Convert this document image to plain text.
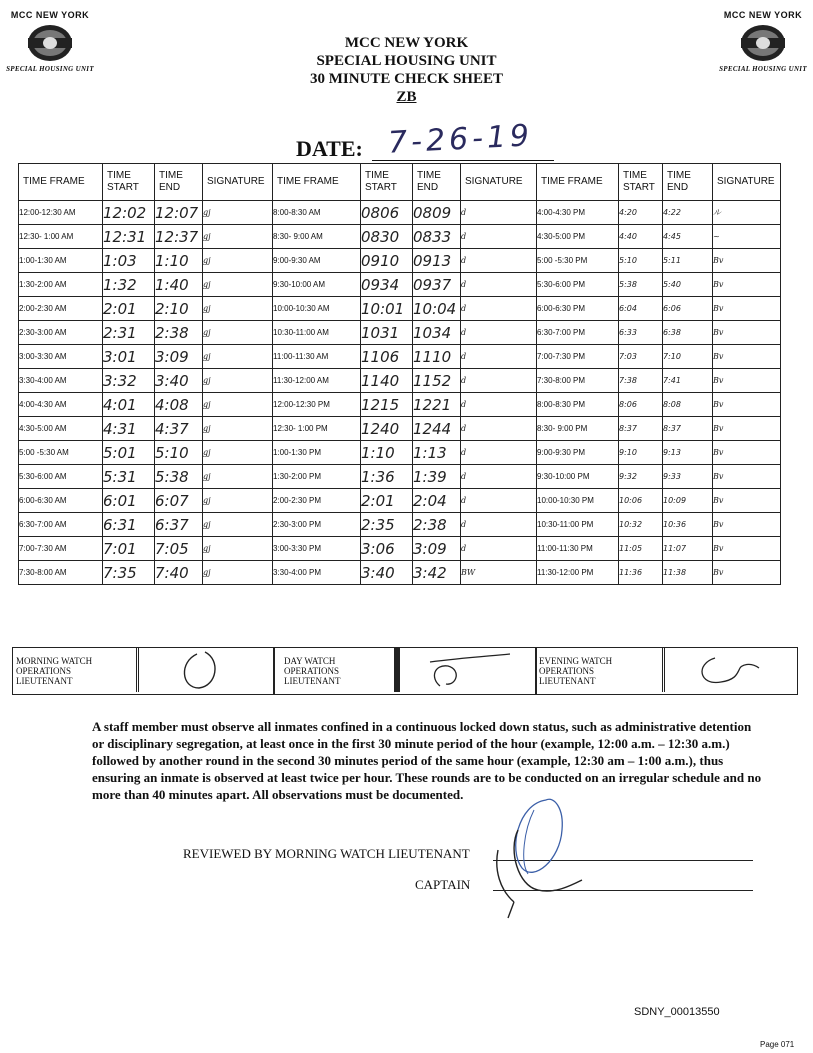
MCC NEW YORK
SPECIAL HOUSING UNIT
MCC NEW YORK
SPECIAL HOUSING UNIT
MCC NEW YORK
SPECIAL HOUSING UNIT
30 MINUTE CHECK SHEET
ZB
DATE: 7-26-19
TIME FRAME	TIME START	TIME END	SIGNATURE	TIME FRAME	TIME START	TIME END	SIGNATURE	TIME FRAME	TIME START	TIME END	SIGNATURE
12:00-12:30 AM	12:02	12:07	gj	8:00-8:30 AM	0806	0809	d	4:00-4:30 PM	4:20	4:22	ル
12:30- 1:00 AM	12:31	12:37	gj	8:30- 9:00 AM	0830	0833	d	4:30-5:00 PM	4:40	4:45	~
1:00-1:30 AM	1:03	1:10	gj	9:00-9:30 AM	0910	0913	d	5:00 -5:30 PM	5:10	5:11	Bv
1:30-2:00 AM	1:32	1:40	gj	9:30-10:00 AM	0934	0937	d	5:30-6:00 PM	5:38	5:40	Bv
2:00-2:30 AM	2:01	2:10	gj	10:00-10:30 AM	10:01	10:04	d	6:00-6:30 PM	6:04	6:06	Bv
2:30-3:00 AM	2:31	2:38	gj	10:30-11:00 AM	1031	1034	d	6:30-7:00 PM	6:33	6:38	Bv
3:00-3:30 AM	3:01	3:09	gj	11:00-11:30 AM	1106	1110	d	7:00-7:30 PM	7:03	7:10	Bv
3:30-4:00 AM	3:32	3:40	gj	11:30-12:00 AM	1140	1152	d	7:30-8:00 PM	7:38	7:41	Bv
4:00-4:30 AM	4:01	4:08	gj	12:00-12:30 PM	1215	1221	d	8:00-8:30 PM	8:06	8:08	Bv
4:30-5:00 AM	4:31	4:37	gj	12:30- 1:00 PM	1240	1244	d	8:30- 9:00 PM	8:37	8:37	Bv
5:00 -5:30 AM	5:01	5:10	gj	1:00-1:30 PM	1:10	1:13	d	9:00-9:30 PM	9:10	9:13	Bv
5:30-6:00 AM	5:31	5:38	gj	1:30-2:00 PM	1:36	1:39	d	9:30-10:00 PM	9:32	9:33	Bv
6:00-6:30 AM	6:01	6:07	gj	2:00-2:30 PM	2:01	2:04	d	10:00-10:30 PM	10:06	10:09	Bv
6:30-7:00 AM	6:31	6:37	gj	2:30-3:00 PM	2:35	2:38	d	10:30-11:00 PM	10:32	10:36	Bv
7:00-7:30 AM	7:01	7:05	gj	3:00-3:30 PM	3:06	3:09	d	11:00-11:30 PM	11:05	11:07	Bv
7:30-8:00 AM	7:35	7:40	gj	3:30-4:00 PM	3:40	3:42	BW	11:30-12:00 PM	11:36	11:38	Bv
MORNING WATCH OPERATIONS LIEUTENANT
DAY WATCH OPERATIONS LIEUTENANT
EVENING WATCH OPERATIONS LIEUTENANT
A staff member must observe all inmates confined in a continuous locked down status, such as administrative detention or disciplinary segregation, at least once in the first 30 minute period of the hour (example, 12:00 a.m. – 12:30 a.m.) followed by another round in the second 30 minutes period of the same hour (example, 12:30 am – 1:00 a.m.), thus ensuring an inmate is observed at least twice per hour. These rounds are to be conducted on an irregular schedule and no more than 40 minutes apart. All observations must be documented.
REVIEWED BY MORNING WATCH LIEUTENANT
CAPTAIN
SDNY_00013550
Page 071
